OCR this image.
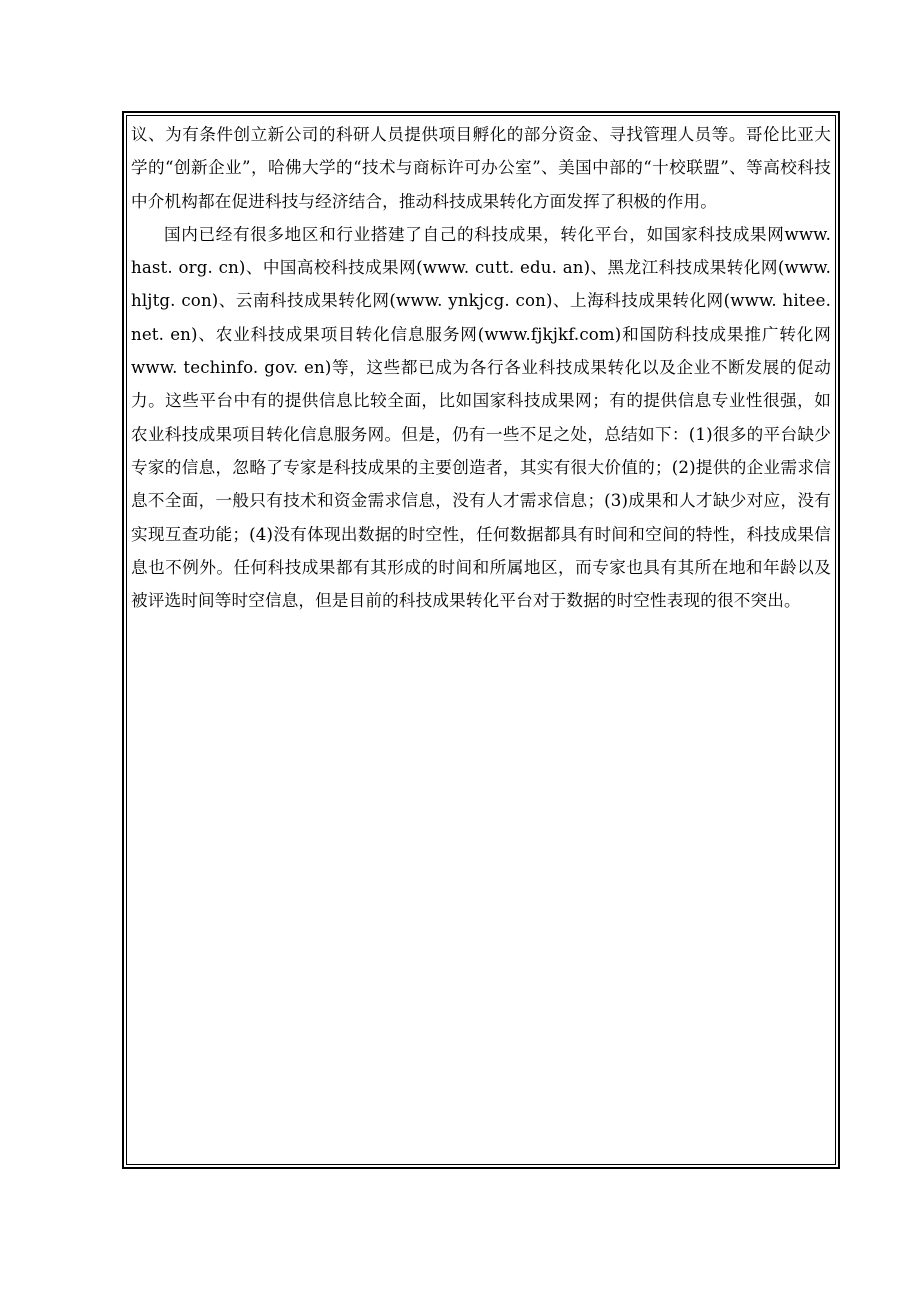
议、为有条件创立新公司的科研人员提供项目孵化的部分资金、寻找管理人员等。哥伦比亚大学的“创新企业”，哈佛大学的“技术与商标许可办公室”、美国中部的“十校联盟”、等高校科技中介机构都在促进科技与经济结合，推动科技成果转化方面发挥了积极的作用。

国内已经有很多地区和行业搭建了自己的科技成果，转化平台，如国家科技成果网www. hast. org. cn)、中国高校科技成果网(www. cutt. edu. an)、黑龙江科技成果转化网(www. hljtg. con)、云南科技成果转化网(www. ynkjcg. con)、上海科技成果转化网(www. hitee. net. en)、农业科技成果项目转化信息服务网(www.fjkjkf.com)和国防科技成果推广转化网www. techinfo. gov. en)等，这些都已成为各行各业科技成果转化以及企业不断发展的促动力。这些平台中有的提供信息比较全面，比如国家科技成果网；有的提供信息专业性很强，如农业科技成果项目转化信息服务网。但是，仍有一些不足之处，总结如下：(1)很多的平台缺少专家的信息，忽略了专家是科技成果的主要创造者，其实有很大价值的；(2)提供的企业需求信息不全面，一般只有技术和资金需求信息，没有人才需求信息；(3)成果和人才缺少对应，没有实现互查功能；(4)没有体现出数据的时空性，任何数据都具有时间和空间的特性，科技成果信息也不例外。任何科技成果都有其形成的时间和所属地区，而专家也具有其所在地和年龄以及被评选时间等时空信息，但是目前的科技成果转化平台对于数据的时空性表现的很不突出。
